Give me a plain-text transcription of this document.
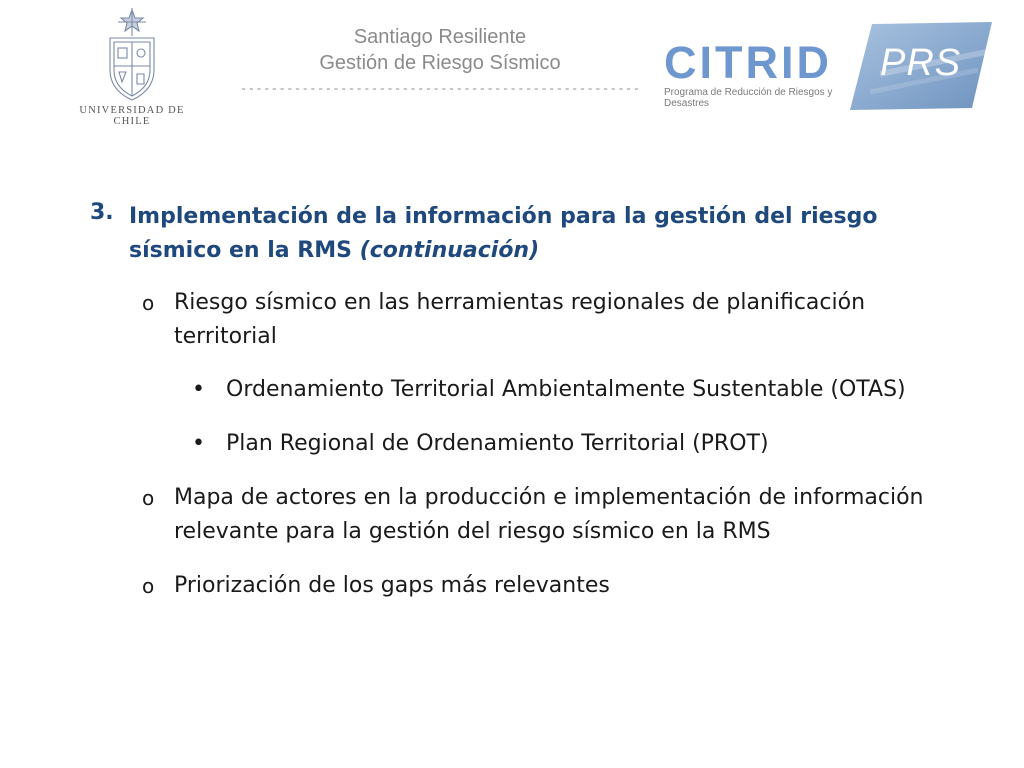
UNIVERSIDAD DE CHILE
Santiago Resiliente
Gestión de Riesgo Sísmico
----------------------------------------------------
CITRID
Programa de Reducción de Riesgos y Desastres
PRS
3. Implementación de la información para la gestión del riesgo sísmico en la RMS (continuación)
o Riesgo sísmico en las herramientas regionales de planificación territorial
• Ordenamiento Territorial Ambientalmente Sustentable (OTAS)
• Plan Regional de Ordenamiento Territorial (PROT)
o Mapa de actores en la producción e implementación de información relevante para la gestión del riesgo sísmico en la RMS
o Priorización de los gaps más relevantes
